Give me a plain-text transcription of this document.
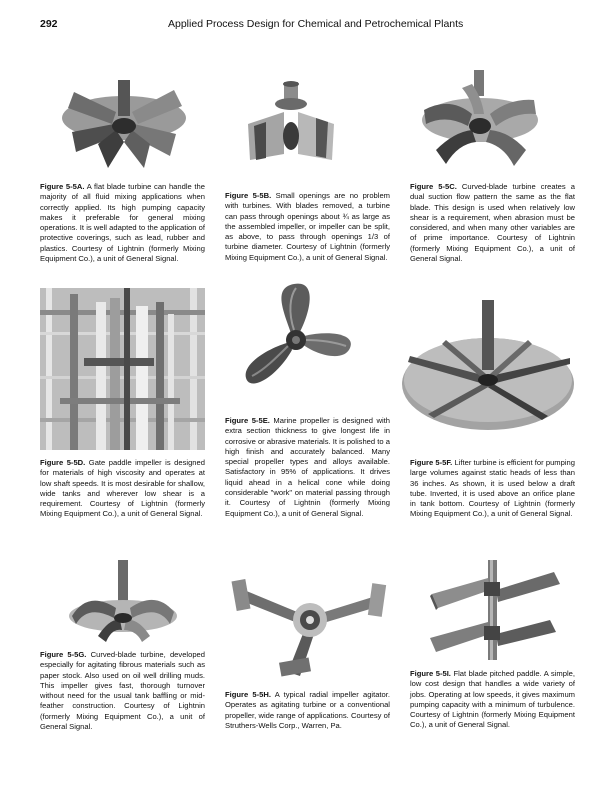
292	Applied Process Design for Chemical and Petrochemical Plants
Figure 5-5A. A flat blade turbine can handle the majority of all fluid mixing applications when correctly applied. Its high pumping capacity makes it preferable for general mixing operations. It is well adapted to the application of protective coverings, such as lead, rubber and plastics. Courtesy of Lightnin (formerly Mixing Equipment Co.), a unit of General Signal.
Figure 5-5B. Small openings are no problem with turbines. With blades removed, a turbine can pass through openings about ¾ as large as the assembled impeller, or impeller can be split, as above, to pass through openings 1/3 of turbine diameter. Courtesy of Lightnin (formerly Mixing Equipment Co.), a unit of General Signal.
Figure 5-5C. Curved-blade turbine creates a dual suction flow pattern the same as the flat blade. This design is used when relatively low shear is a requirement, when abrasion must be considered, and when many other variables are of prime importance. Courtesy of Lightnin (formerly Mixing Equipment Co.), a unit of General Signal.
Figure 5-5D. Gate paddle impeller is designed for materials of high viscosity and operates at low shaft speeds. It is most desirable for shallow, wide tanks and wherever low shear is a requirement. Courtesy of Lightnin (formerly Mixing Equipment Co.), a unit of General Signal.
Figure 5-5E. Marine propeller is designed with extra section thickness to give longest life in corrosive or abrasive materials. It is polished to a high finish and accurately balanced. Many special propeller types and alloys available. Satisfactory in 95% of applications. It drives liquid ahead in a helical cone while doing considerable "work" on material passing through it. Courtesy of Lightnin (formerly Mixing Equipment Co.), a unit of General Signal.
Figure 5-5F. Lifter turbine is efficient for pumping large volumes against static heads of less than 36 inches. As shown, it is used below a draft tube. Inverted, it is used above an orifice plane in tank bottom. Courtesy of Lightnin (formerly Mixing Equipment Co.), a unit of General Signal.
Figure 5-5G. Curved-blade turbine, developed especially for agitating fibrous materials such as paper stock. Also used on oil well drilling muds. This impeller gives fast, thorough turnover without need for the usual tank baffling or mid-feather construction. Courtesy of Lightnin (formerly Mixing Equipment Co.), a unit of General Signal.
Figure 5-5H. A typical radial impeller agitator. Operates as agitating turbine or a conventional propeller, wide range of applications. Courtesy of Struthers-Wells Corp., Warren, Pa.
Figure 5-5I. Flat blade pitched paddle. A simple, low cost design that handles a wide variety of jobs. Operating at low speeds, it gives maximum pumping capacity with a minimum of turbulence. Courtesy of Lightnin (formerly Mixing Equipment Co.), a unit of General Signal.
